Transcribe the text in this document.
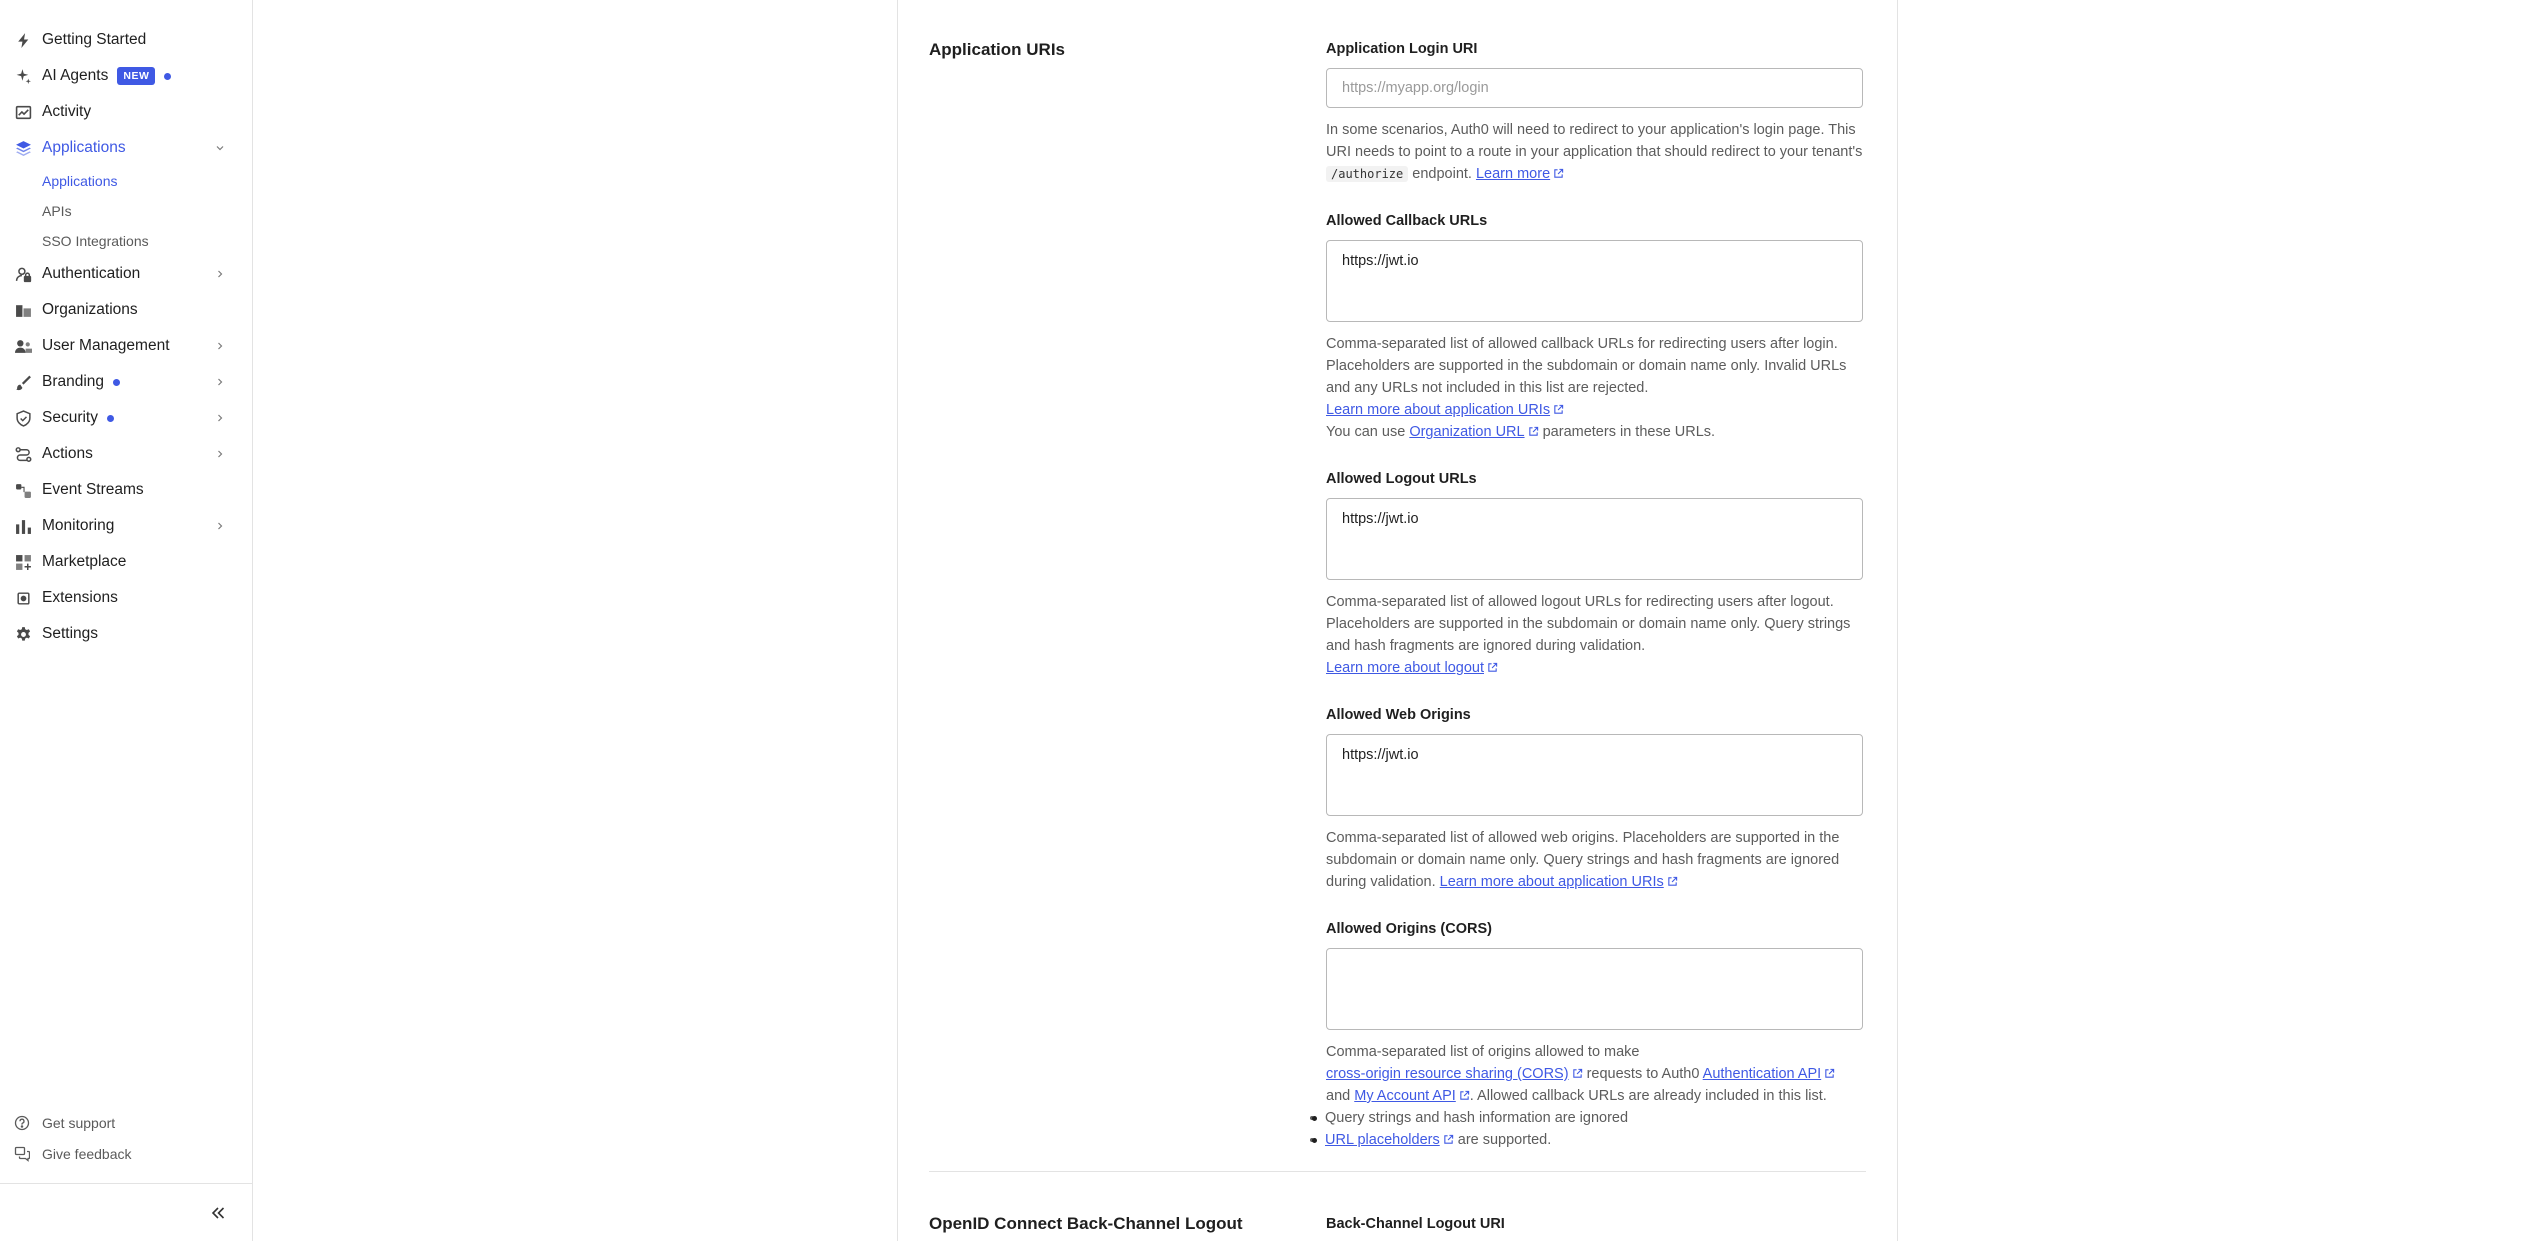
Getting Started
AI Agents	NEW
Activity
Applications
Applications
APIs
SSO Integrations
Authentication
Organizations
User Management
Branding
Security
Actions
Event Streams
Monitoring
Marketplace
Extensions
Settings
Get support
Give feedback
Application URIs	Application Login URI
https://myapp.org/login

In some scenarios, Auth0 will need to redirect to your application's login page. This URI needs to point to a route in your application that should redirect to your tenant's /authorize endpoint. Learn more

Allowed Callback URLs
https://jwt.io

Comma-separated list of allowed callback URLs for redirecting users after login. Placeholders are supported in the subdomain or domain name only. Invalid URLs and any URLs not included in this list are rejected.
Learn more about application URIs
You can use Organization URL parameters in these URLs.

Allowed Logout URLs
https://jwt.io

Comma-separated list of allowed logout URLs for redirecting users after logout. Placeholders are supported in the subdomain or domain name only. Query strings and hash fragments are ignored during validation.
Learn more about logout

Allowed Web Origins
https://jwt.io

Comma-separated list of allowed web origins. Placeholders are supported in the subdomain or domain name only. Query strings and hash fragments are ignored during validation. Learn more about application URIs

Allowed Origins (CORS)
Comma-separated list of origins allowed to make
cross-origin resource sharing (CORS) requests to Auth0 Authentication API
and My Account API . Allowed callback URLs are already included in this list.
• Query strings and hash information are ignored
• URL placeholders are supported.
OpenID Connect Back-Channel Logout	Back-Channel Logout URI
